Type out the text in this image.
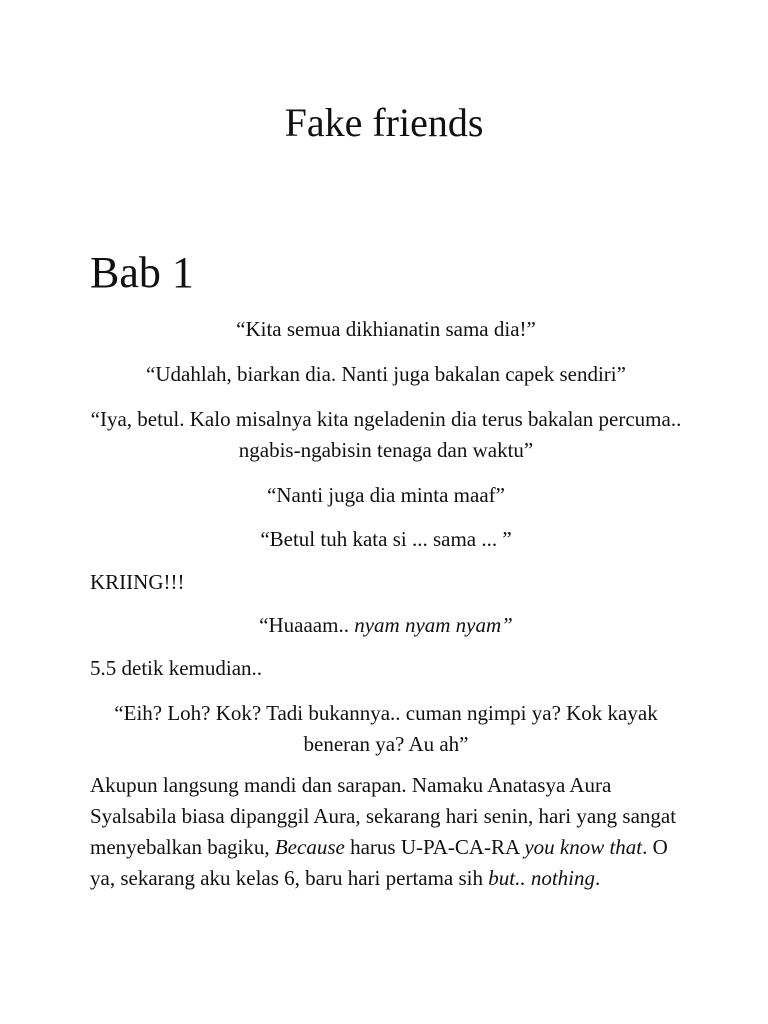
Fake friends
Bab 1

“Kita semua dikhianatin sama dia!”

“Udahlah, biarkan dia. Nanti juga bakalan capek sendiri”

“Iya, betul. Kalo misalnya kita ngeladenin dia terus bakalan percuma.. ngabis-ngabisin tenaga dan waktu”

“Nanti juga dia minta maaf”

“Betul tuh kata si ... sama ... ”

KRIING!!!

“Huaaam.. nyam nyam nyam”

5.5 detik kemudian..

“Eih? Loh? Kok? Tadi bukannya.. cuman ngimpi ya? Kok kayak beneran ya? Au ah”

Akupun langsung mandi dan sarapan. Namaku Anatasya Aura Syalsabila biasa dipanggil Aura, sekarang hari senin, hari yang sangat menyebalkan bagiku, Because harus U-PA-CA-RA you know that. O ya, sekarang aku kelas 6, baru hari pertama sih but.. nothing.
